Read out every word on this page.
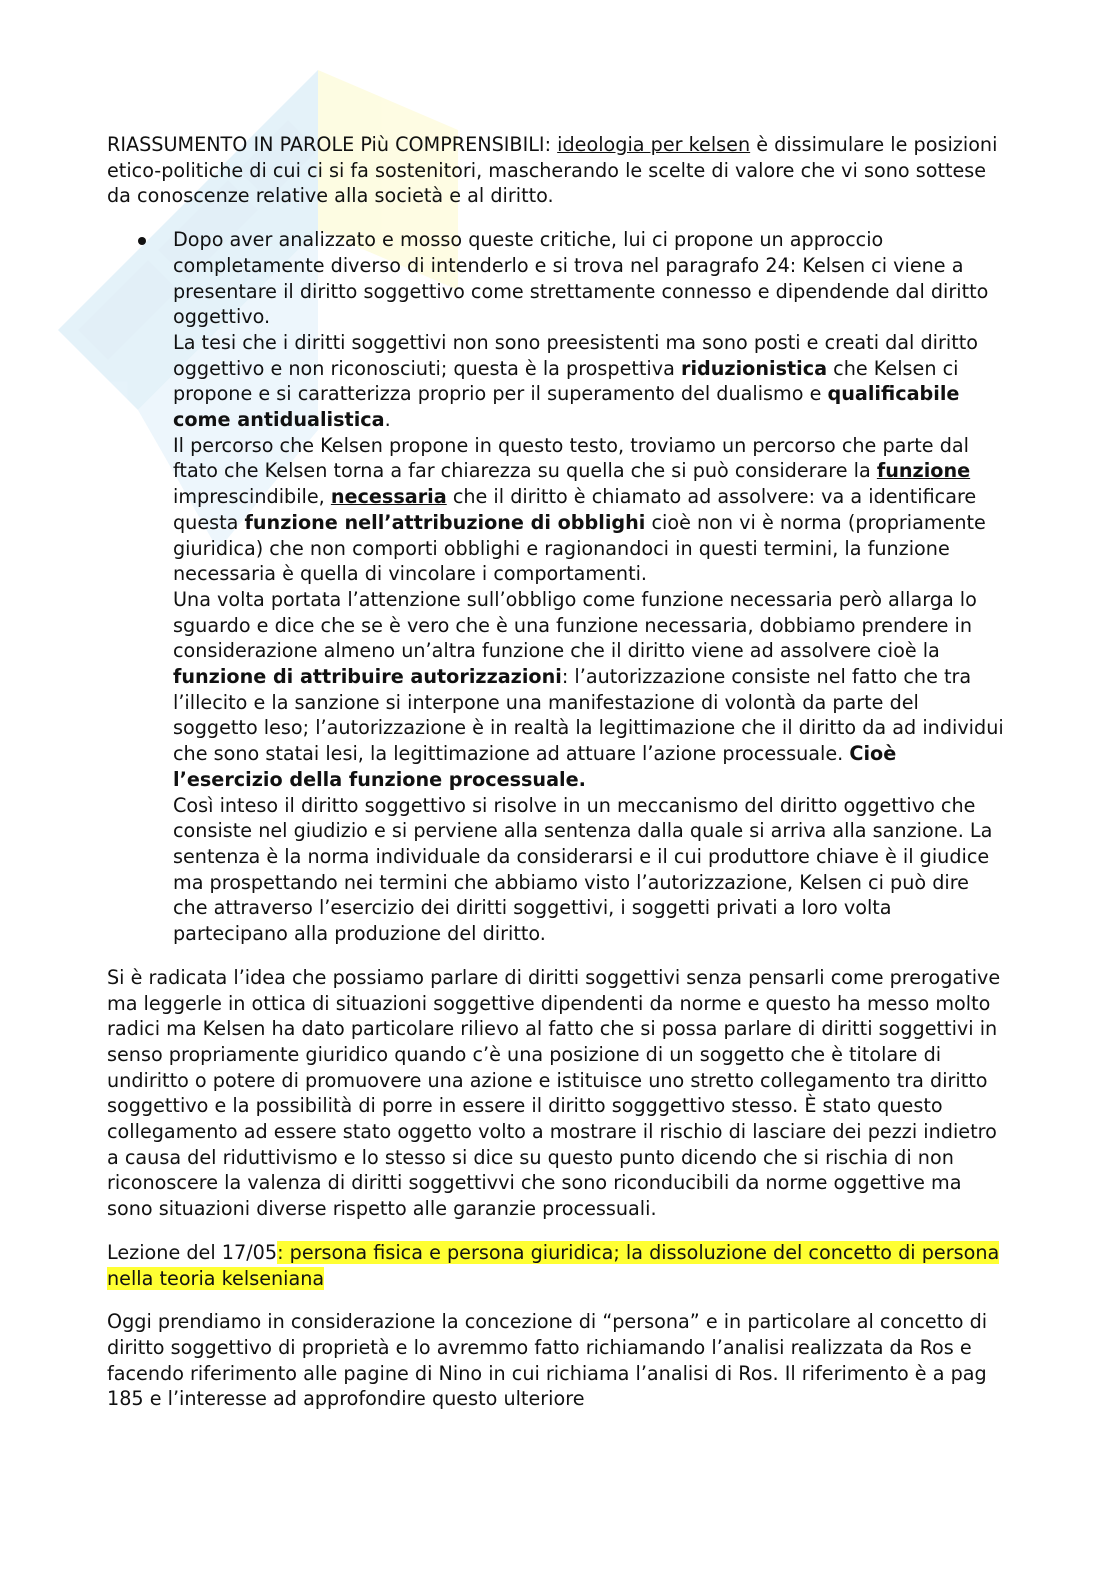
RIASSUMENTO IN PAROLE Più COMPRENSIBILI: ideologia per kelsen è dissimulare le posizioni etico-politiche di cui ci si fa sostenitori, mascherando le scelte di valore che vi sono sottese da conoscenze relative alla società e al diritto.

Dopo aver analizzato e mosso queste critiche, lui ci propone un approccio completamente diverso di intenderlo e si trova nel paragrafo 24: Kelsen ci viene a presentare il diritto soggettivo come strettamente connesso e dipendende dal diritto oggettivo.

La tesi che i diritti soggettivi non sono preesistenti ma sono posti e creati dal diritto oggettivo e non riconosciuti; questa è la prospettiva riduzionistica che Kelsen ci propone e si caratterizza proprio per il superamento del dualismo e qualificabile come antidualistica.

Il percorso che Kelsen propone in questo testo, troviamo un percorso che parte dal ftato che Kelsen torna a far chiarezza su quella che si può considerare la funzione imprescindibile, necessaria che il diritto è chiamato ad assolvere: va a identificare questa funzione nell’attribuzione di obblighi cioè non vi è norma (propriamente giuridica) che non comporti obblighi e ragionandoci in questi termini, la funzione necessaria è quella di vincolare i comportamenti.

Una volta portata l’attenzione sull’obbligo come funzione necessaria però allarga lo sguardo e dice che se è vero che è una funzione necessaria, dobbiamo prendere in considerazione almeno un’altra funzione che il diritto viene ad assolvere cioè la funzione di attribuire autorizzazioni: l’autorizzazione consiste nel fatto che tra l’illecito e la sanzione si interpone una manifestazione di volontà da parte del soggetto leso; l’autorizzazione è in realtà la legittimazione che il diritto da ad individui che sono statai lesi, la legittimazione ad attuare l’azione processuale. Cioè l’esercizio della funzione processuale.

Così inteso il diritto soggettivo si risolve in un meccanismo del diritto oggettivo che consiste nel giudizio e si perviene alla sentenza dalla quale si arriva alla sanzione. La sentenza è la norma individuale da considerarsi e il cui produttore chiave è il giudice ma prospettando nei termini che abbiamo visto l’autorizzazione, Kelsen ci può dire che attraverso l’esercizio dei diritti soggettivi, i soggetti privati a loro volta partecipano alla produzione del diritto.

Si è radicata l’idea che possiamo parlare di diritti soggettivi senza pensarli come prerogative ma leggerle in ottica di situazioni soggettive dipendenti da norme e questo ha messo molto radici ma Kelsen ha dato particolare rilievo al fatto che si possa parlare di diritti soggettivi in senso propriamente giuridico quando c’è una posizione di un soggetto che è titolare di undiritto o potere di promuovere una azione e istituisce uno stretto collegamento tra diritto soggettivo e la possibilità di porre in essere il diritto sogggettivo stesso. È stato questo collegamento ad essere stato oggetto volto a mostrare il rischio di lasciare dei pezzi indietro a causa del riduttivismo e lo stesso si dice su questo punto dicendo che si rischia di non riconoscere la valenza di diritti soggettivvi che sono riconducibili da norme oggettive ma sono situazioni diverse rispetto alle garanzie processuali.

Lezione del 17/05: persona fisica e persona giuridica; la dissoluzione del concetto di persona nella teoria kelseniana

Oggi prendiamo in considerazione la concezione di “persona” e in particolare al concetto di diritto soggettivo di proprietà e lo avremmo fatto richiamando l’analisi realizzata da Ros e facendo riferimento alle pagine di Nino in cui richiama l’analisi di Ros. Il riferimento è a pag 185 e l’interesse ad approfondire questo ulteriore
